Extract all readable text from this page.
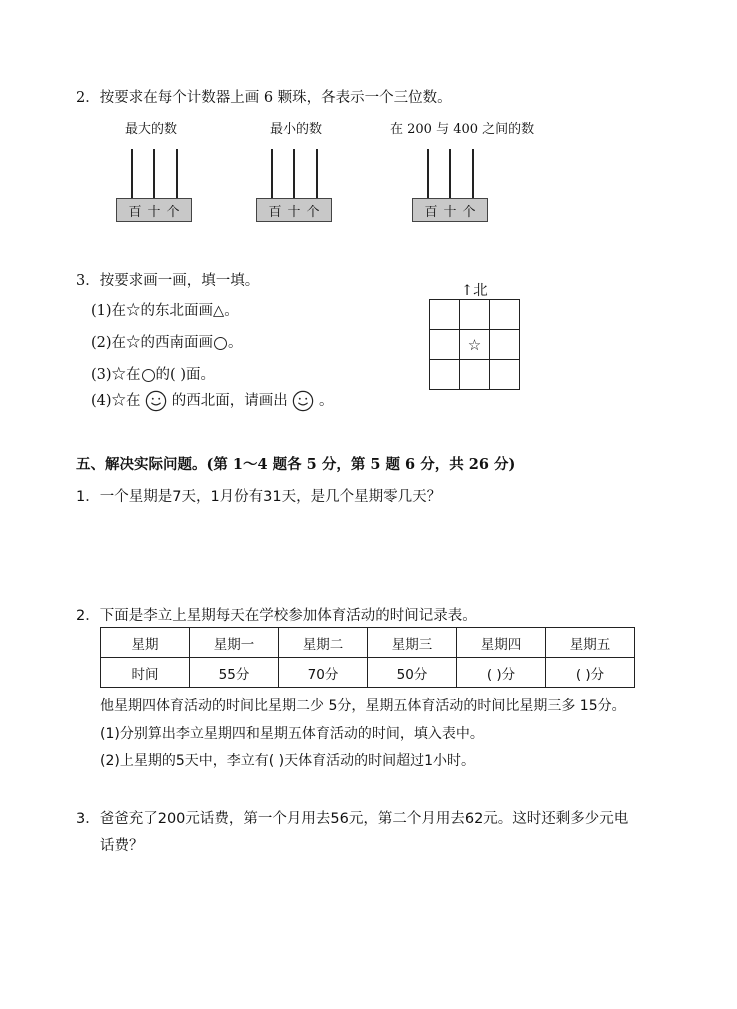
2．按要求在每个计数器上画 6 颗珠，各表示一个三位数。
最大的数	最小的数	在 200 与 400 之间的数
百 十 个	百 十 个	百 十 个
3．按要求画一画，填一填。
(1)在☆的东北面画△。
(2)在☆的西南面画 。
(3)☆在 的( )面。
(4)☆在  的西北面，请画出  。
↑北

	☆	

五、解决实际问题。(第 1～4 题各 5 分，第 5 题 6 分，共 26 分)
1．一个星期是7天，1月份有31天，是几个星期零几天？
2．下面是李立上星期每天在学校参加体育活动的时间记录表。
星期	星期一	星期二	星期三	星期四	星期五
时间	55分	70分	50分	( )分	( )分
他星期四体育活动的时间比星期二少 5分，星期五体育活动的时间比星期三多 15分。
(1)分别算出李立星期四和星期五体育活动的时间，填入表中。
(2)上星期的5天中，李立有( )天体育活动的时间超过1小时。
3．爸爸充了200元话费，第一个月用去56元，第二个月用去62元。这时还剩多少元电
话费？
